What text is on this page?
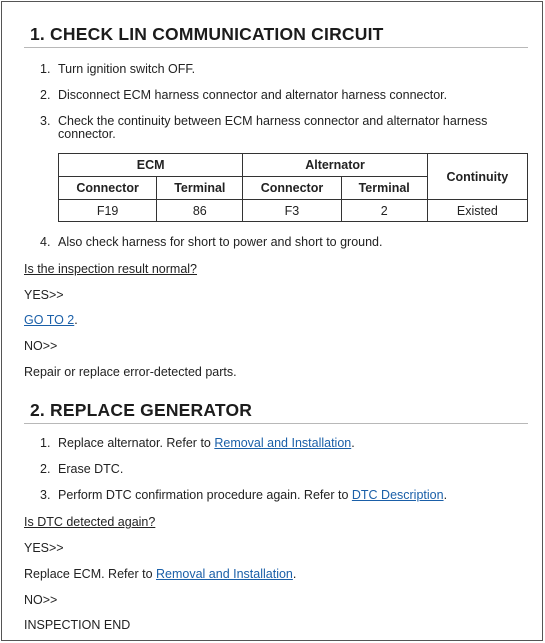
1. CHECK LIN COMMUNICATION CIRCUIT
1. Turn ignition switch OFF.
2. Disconnect ECM harness connector and alternator harness connector.
3. Check the continuity between ECM harness connector and alternator harness connector.
ECM		Alternator		Continuity
Connector	Terminal	Connector	Terminal	
F19	86	F3	2	Existed
4. Also check harness for short to power and short to ground.
Is the inspection result normal?
YES>>
GO TO 2.
NO>>
Repair or replace error-detected parts.
2. REPLACE GENERATOR
1. Replace alternator. Refer to Removal and Installation.
2. Erase DTC.
3. Perform DTC confirmation procedure again. Refer to DTC Description.
Is DTC detected again?
YES>>
Replace ECM. Refer to Removal and Installation.
NO>>
INSPECTION END
